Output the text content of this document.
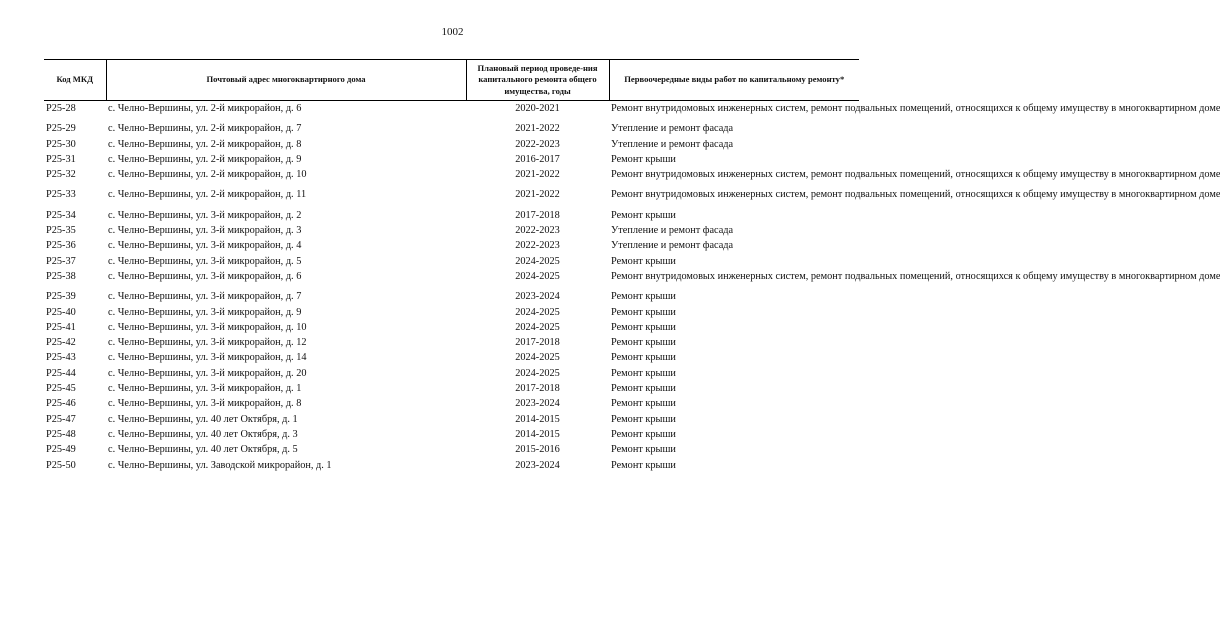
1002
Код МКД	Почтовый адрес многоквартирного дома	Плановый период проведе-ния капитального ремонта общего имущества, годы	Первоочередные виды работ по капитальному ремонту*
Р25-28	с. Челно-Вершины, ул. 2-й микрорайон, д. 6	2020-2021	Ремонт внутридомовых инженерных систем, ремонт подвальных помещений, относящихся к общему имуществу в многоквартирном доме
Р25-29	с. Челно-Вершины, ул. 2-й микрорайон, д. 7	2021-2022	Утепление и ремонт фасада
Р25-30	с. Челно-Вершины, ул. 2-й микрорайон, д. 8	2022-2023	Утепление и ремонт фасада
Р25-31	с. Челно-Вершины, ул. 2-й микрорайон, д. 9	2016-2017	Ремонт крыши
Р25-32	с. Челно-Вершины, ул. 2-й микрорайон, д. 10	2021-2022	Ремонт внутридомовых инженерных систем, ремонт подвальных помещений, относящихся к общему имуществу в многоквартирном доме
Р25-33	с. Челно-Вершины, ул. 2-й микрорайон, д. 11	2021-2022	Ремонт внутридомовых инженерных систем, ремонт подвальных помещений, относящихся к общему имуществу в многоквартирном доме
Р25-34	с. Челно-Вершины, ул. 3-й микрорайон, д. 2	2017-2018	Ремонт крыши
Р25-35	с. Челно-Вершины, ул. 3-й микрорайон, д. 3	2022-2023	Утепление и ремонт фасада
Р25-36	с. Челно-Вершины, ул. 3-й микрорайон, д. 4	2022-2023	Утепление и ремонт фасада
Р25-37	с. Челно-Вершины, ул. 3-й микрорайон, д. 5	2024-2025	Ремонт крыши
Р25-38	с. Челно-Вершины, ул. 3-й микрорайон, д. 6	2024-2025	Ремонт внутридомовых инженерных систем, ремонт подвальных помещений, относящихся к общему имуществу в многоквартирном доме
Р25-39	с. Челно-Вершины, ул. 3-й микрорайон, д. 7	2023-2024	Ремонт крыши
Р25-40	с. Челно-Вершины, ул. 3-й микрорайон, д. 9	2024-2025	Ремонт крыши
Р25-41	с. Челно-Вершины, ул. 3-й микрорайон, д. 10	2024-2025	Ремонт крыши
Р25-42	с. Челно-Вершины, ул. 3-й микрорайон, д. 12	2017-2018	Ремонт крыши
Р25-43	с. Челно-Вершины, ул. 3-й микрорайон, д. 14	2024-2025	Ремонт крыши
Р25-44	с. Челно-Вершины, ул. 3-й микрорайон, д. 20	2024-2025	Ремонт крыши
Р25-45	с. Челно-Вершины, ул. 3-й микрорайон, д. 1	2017-2018	Ремонт крыши
Р25-46	с. Челно-Вершины, ул. 3-й микрорайон, д. 8	2023-2024	Ремонт крыши
Р25-47	с. Челно-Вершины, ул. 40 лет Октября, д. 1	2014-2015	Ремонт крыши
Р25-48	с. Челно-Вершины, ул. 40 лет Октября, д. 3	2014-2015	Ремонт крыши
Р25-49	с. Челно-Вершины, ул. 40 лет Октября, д. 5	2015-2016	Ремонт крыши
Р25-50	с. Челно-Вершины, ул. Заводской микрорайон, д. 1	2023-2024	Ремонт крыши
